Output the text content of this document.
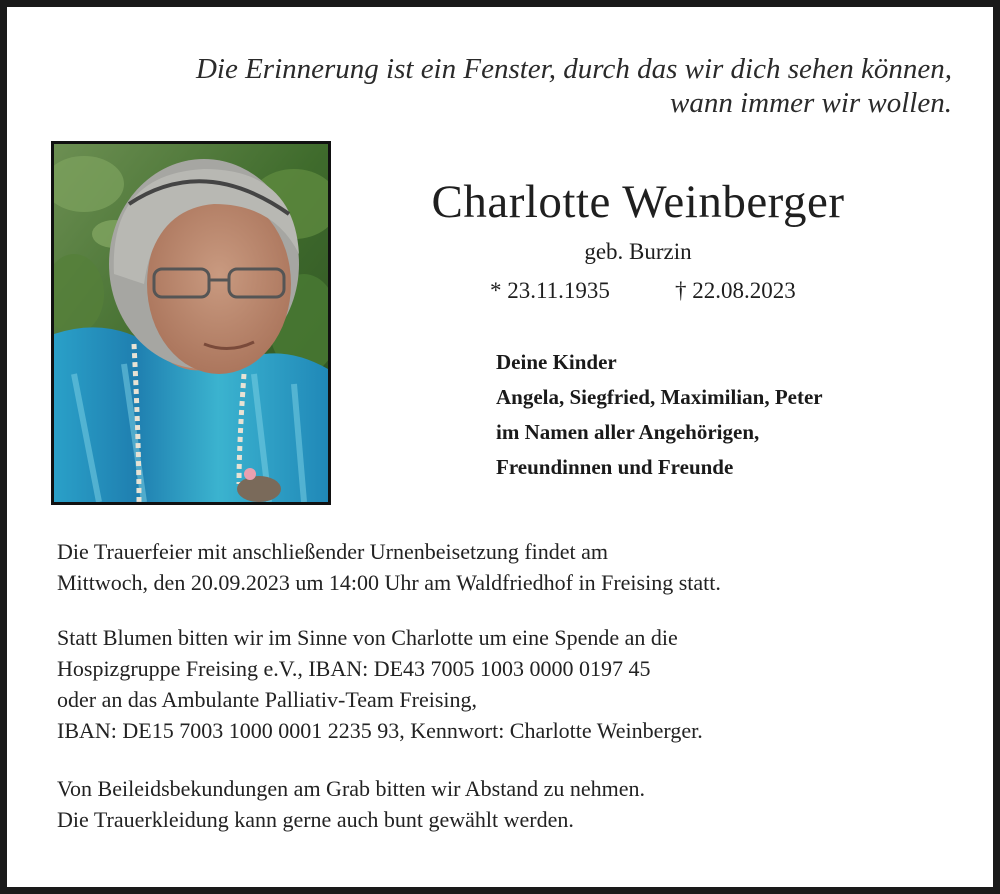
Die Erinnerung ist ein Fenster, durch das wir dich sehen können,
wann immer wir wollen.
Charlotte Weinberger
geb. Burzin
* 23.11.1935	† 22.08.2023
Deine Kinder
Angela, Siegfried, Maximilian, Peter
im Namen aller Angehörigen,
Freundinnen und Freunde
Die Trauerfeier mit anschließender Urnenbeisetzung findet am
Mittwoch, den 20.09.2023 um 14:00 Uhr am Waldfriedhof in Freising statt.
Statt Blumen bitten wir im Sinne von Charlotte um eine Spende an die
Hospizgruppe Freising e.V., IBAN: DE43 7005 1003 0000 0197 45
oder an das Ambulante Palliativ-Team Freising,
IBAN: DE15 7003 1000 0001 2235 93, Kennwort: Charlotte Weinberger.
Von Beileidsbekundungen am Grab bitten wir Abstand zu nehmen.
Die Trauerkleidung kann gerne auch bunt gewählt werden.
